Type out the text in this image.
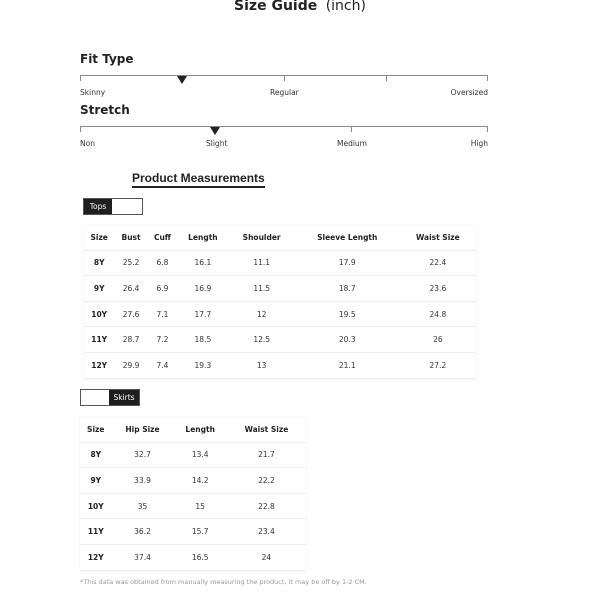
Size Guide (inch)
Fit Type
Skinny	Regular	Oversized
Stretch
Non	Slight	Medium	High
Product Measurements
Tops
Size	Bust	Cuff	Length	Shoulder	Sleeve Length	Waist Size
8Y	25.2	6.8	16.1	11.1	17.9	22.4
9Y	26.4	6.9	16.9	11.5	18.7	23.6
10Y	27.6	7.1	17.7	12	19.5	24.8
11Y	28.7	7.2	18.5	12.5	20.3	26
12Y	29.9	7.4	19.3	13	21.1	27.2
Skirts
Size	Hip Size	Length	Waist Size
8Y	32.7	13.4	21.7
9Y	33.9	14.2	22.2
10Y	35	15	22.8
11Y	36.2	15.7	23.4
12Y	37.4	16.5	24
*This data was obtained from manually measuring the product, it may be off by 1-2 CM.
